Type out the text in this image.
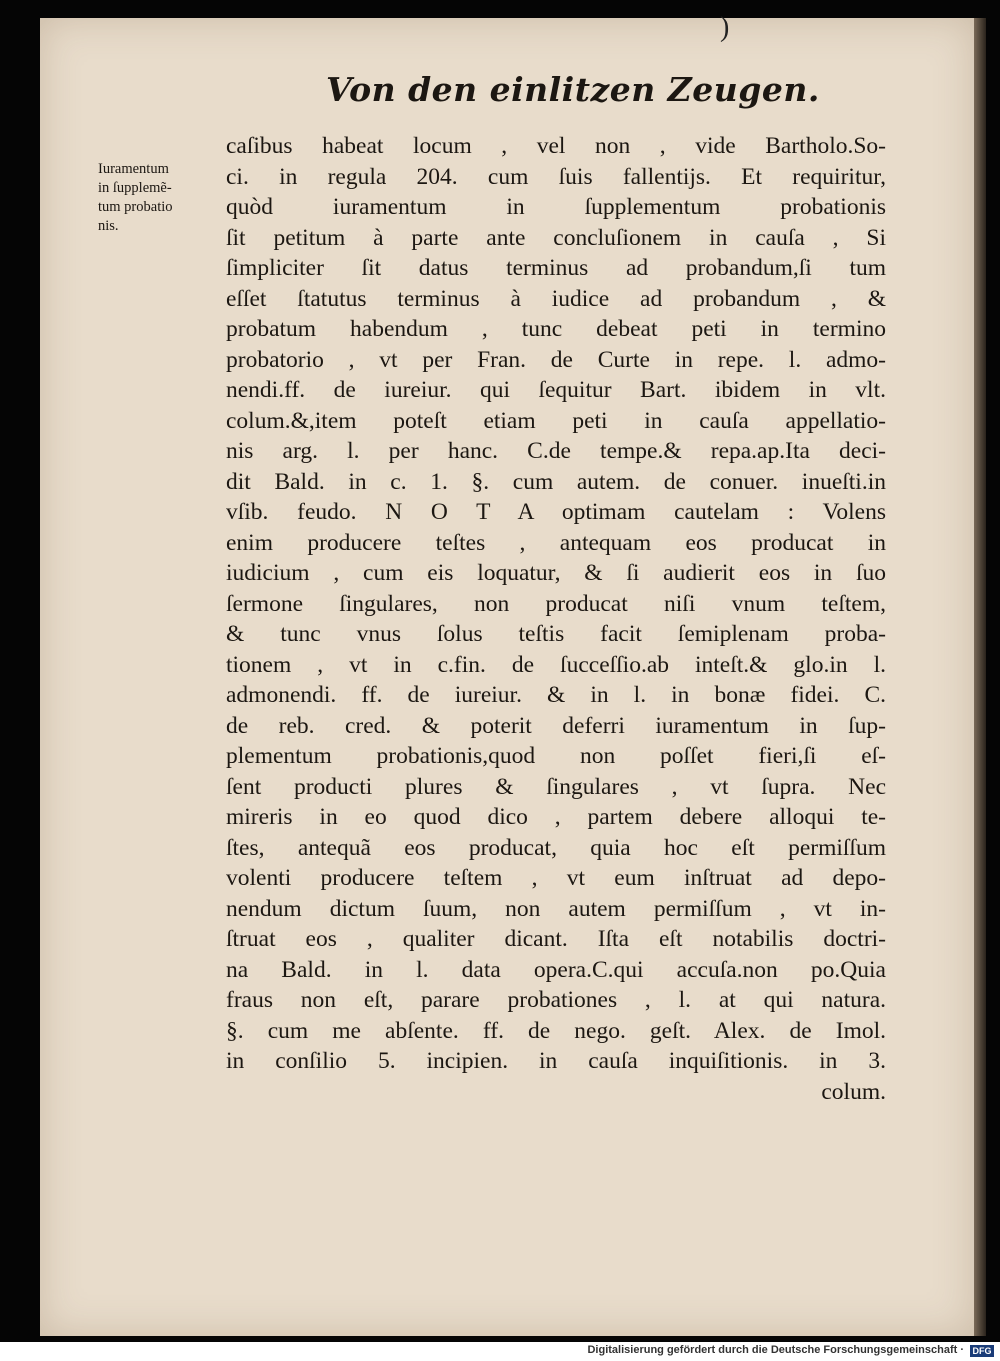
)
Von den einlitzen Zeugen.
Iuramentum
in ſupplemẽ-
tum probatio
nis.
caſibus habeat locum , vel non , vide Bartholo.So-
ci. in regula 204. cum ſuis fallentijs. Et requiritur,
quòd iuramentum in ſupplementum probationis
ſit petitum à parte ante concluſionem in cauſa , Si
ſimpliciter ſit datus terminus ad probandum,ſi tum
eſſet ſtatutus terminus à iudice ad probandum , &
probatum habendum , tunc debeat peti in termino
probatorio , vt per Fran. de Curte in repe. l. admo-
nendi.ff. de iureiur. qui ſequitur Bart. ibidem in vlt.
colum.&,item poteſt etiam peti in cauſa appellatio-
nis arg. l. per hanc. C.de tempe.& repa.ap.Ita deci-
dit Bald. in c. 1. §. cum autem. de conuer. inueſti.in
vſib. feudo. N O T A optimam cautelam : Volens
enim producere teſtes , antequam eos producat in
iudicium , cum eis loquatur, & ſi audierit eos in ſuo
ſermone ſingulares, non producat niſi vnum teſtem,
& tunc vnus ſolus teſtis facit ſemiplenam proba-
tionem , vt in c.fin. de ſucceſſio.ab inteſt.& glo.in l.
admonendi. ff. de iureiur. & in l. in bonæ fidei. C.
de reb. cred. & poterit deferri iuramentum in ſup-
plementum probationis,quod non poſſet fieri,ſi eſ-
ſent producti plures & ſingulares , vt ſupra. Nec
mireris in eo quod dico , partem debere alloqui te-
ſtes, antequã eos producat, quia hoc eſt permiſſum
volenti producere teſtem , vt eum inſtruat ad depo-
nendum dictum ſuum, non autem permiſſum , vt in-
ſtruat eos , qualiter dicant. Iſta eſt notabilis doctri-
na Bald. in l. data opera.C.qui accuſa.non po.Quia
fraus non eſt, parare probationes , l. at qui natura.
§. cum me abſente. ff. de nego. geſt. Alex. de Imol.
in conſilio 5. incipien. in cauſa inquiſitionis. in 3.
colum.
Digitalisierung gefördert durch die Deutsche Forschungsgemeinschaft · DFG
